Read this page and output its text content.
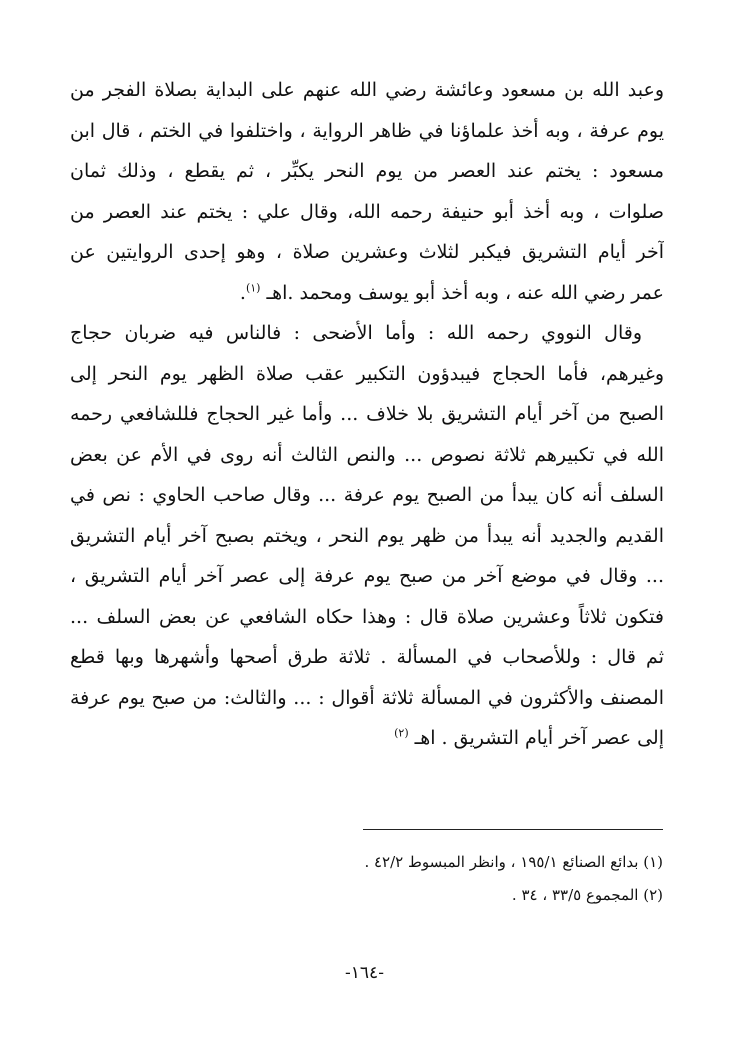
وعبد الله بن مسعود وعائشة رضي الله عنهم على البداية بصلاة الفجر من
يوم عرفة ، وبه أخذ علماؤنا في ظاهر الرواية ، واختلفوا في الختم ، قال ابن
مسعود : يختم عند العصر من يوم النحر يكبِّر ، ثم يقطع ، وذلك ثمان
صلوات ، وبه أخذ أبو حنيفة رحمه الله، وقال علي : يختم عند العصر من
آخر أيام التشريق فيكبر لثلاث وعشرين صلاة ، وهو إحدى الروايتين عن
عمر رضي الله عنه ، وبه أخذ أبو يوسف ومحمد .اهـ $^{(١)}$.
وقال النووي رحمه الله : وأما الأضحى : فالناس فيه ضربان حجاج
وغيرهم، فأما الحجاج فيبدؤون التكبير عقب صلاة الظهر يوم النحر إلى
الصبح من آخر أيام التشريق بلا خلاف ... وأما غير الحجاج فللشافعي رحمه
الله في تكبيرهم ثلاثة نصوص ... والنص الثالث أنه روى في الأم عن بعض
السلف أنه كان يبدأ من الصبح يوم عرفة ... وقال صاحب الحاوي : نص في
القديم والجديد أنه يبدأ من ظهر يوم النحر ، ويختم بصبح آخر أيام التشريق
... وقال في موضع آخر من صبح يوم عرفة إلى عصر آخر أيام التشريق ،
فتكون ثلاثاً وعشرين صلاة قال : وهذا حكاه الشافعي عن بعض السلف ...
ثم قال : وللأصحاب في المسألة . ثلاثة طرق أصحها وأشهرها وبها قطع
المصنف والأكثرون في المسألة ثلاثة أقوال : ... والثالث: من صبح يوم عرفة
إلى عصر آخر أيام التشريق . اهـ $^{(٢)}$
(١) بدائع الصنائع ١٩٥/١ ، وانظر المبسوط ٤٢/٢ .
(٢) المجموع ٣٣/٥ ، ٣٤ .
-١٦٤-
